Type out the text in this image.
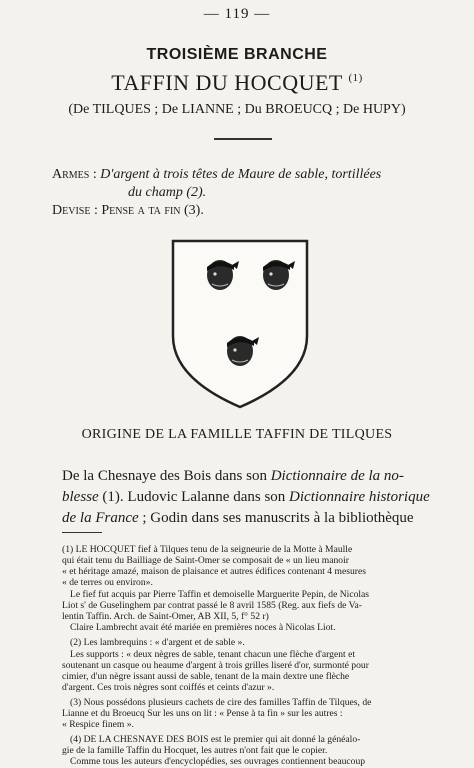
— 119 —
TROISIÈME BRANCHE
TAFFIN DU HOCQUET $^{(1)}$
(De TILQUES ; De LIANNE ; Du BROEUCQ ; De HUPY)
Armes : D'argent à trois têtes de Maure de sable, tortillées
du champ (2).
Devise : Pense a ta fin (3).
ORIGINE DE LA FAMILLE TAFFIN DE TILQUES
De la Chesnaye des Bois dans son Dictionnaire de la no-
blesse (1). Ludovic Lalanne dans son Dictionnaire historique
de la France ; Godin dans ses manuscrits à la bibliothèque
(1) LE HOCQUET fief à Tilques tenu de la seigneurie de la Motte à Maulle
qui était tenu du Bailliage de Saint-Omer se composait de « un lieu manoir
« et héritage amazé, maison de plaisance et autres édifices contenant 4 mesures
« de terres ou environ».
Le fief fut acquis par Pierre Taffin et demoiselle Marguerite Pepin, de Nicolas
Liot s' de Guselinghem par contrat passé le 8 avril 1585 (Reg. aux fiefs de Va-
lentin Taffin. Arch. de Saint-Omer, AB XII, 5, f° 52 r)
Claire Lambrecht avait été mariée en premières noces à Nicolas Liot.
(2) Les lambrequins : « d'argent et de sable ».
Les supports : « deux nègres de sable, tenant chacun une flèche d'argent et
soutenant un casque ou heaume d'argent à trois grilles liseré d'or, surmonté pour
cimier, d'un nègre issant aussi de sable, tenant de la main dextre une flèche
d'argent. Ces trois nègres sont coiffés et ceints d'azur ».
(3) Nous possédons plusieurs cachets de cire des familles Taffin de Tilques, de
Lianne et du Broeucq Sur les uns on lit : « Pense à ta fin » sur les autres :
« Respice finem ».
(4) DE LA CHESNAYE DES BOIS est le premier qui ait donné la généalo-
gie de la famille Taffin du Hocquet, les autres n'ont fait que le copier.
Comme tous les auteurs d'encyclopédies, ses ouvrages contiennent beaucoup
